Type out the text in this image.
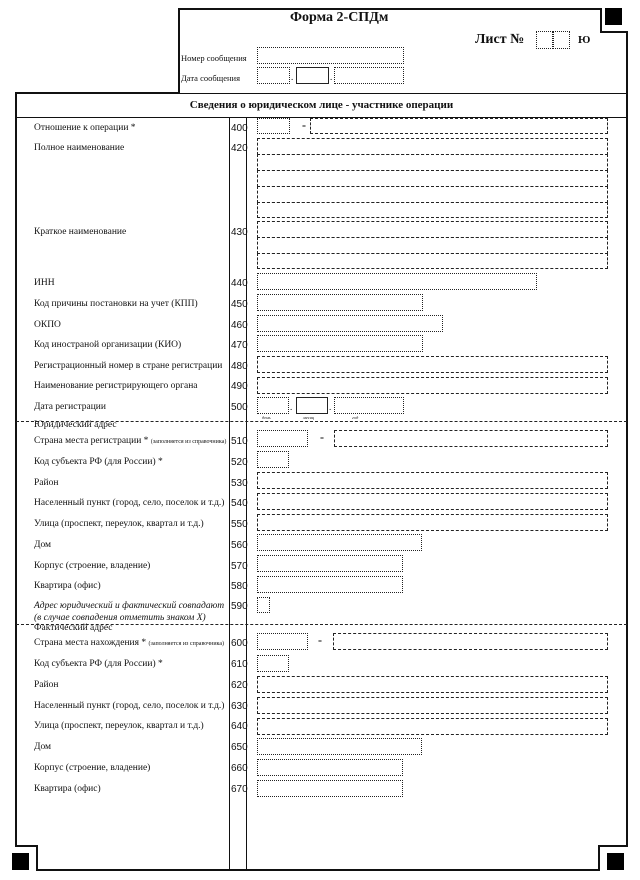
Форма 2-СПДм
Лист №	Ю
Номер сообщения
Дата сообщения	.	.
Сведения о юридическом лице - участнике операции
Отношение к операции *	400	-
Полное наименование	420
Краткое наименование	430
ИНН	440
Код причины постановки на учет (КПП)	450
ОКПО	460
Код иностраной организации (КИО)	470
Регистрационный номер в стране регистрации 480
Наименование регистрирующего органа	490
Дата регистрации	500	.	.
день	месяц	год
Юридический адрес
Страна места регистрации * (заполняется из справочника) 510	-
Код субъекта РФ (для России) *	520
Район	530
Населенный пункт (город, село, поселок и т.д.) 540
Улица (проспект, переулок, квартал и т.д.)	550
Дом	560
Корпус (строение, владение)	570
Квартира (офис)	580
Адрес юридический и фактический совпадают
(в случае совпадения отметить знаком X)
590
Фактический адрес
Страна места нахождения * (заполняется из справочника) 600	-
Код субъекта РФ (для России) *	610
Район	620
Населенный пункт (город, село, поселок и т.д.) 630
Улица (проспект, переулок, квартал и т.д.)	640
Дом	650
Корпус (строение, владение)	660
Квартира (офис)	670
